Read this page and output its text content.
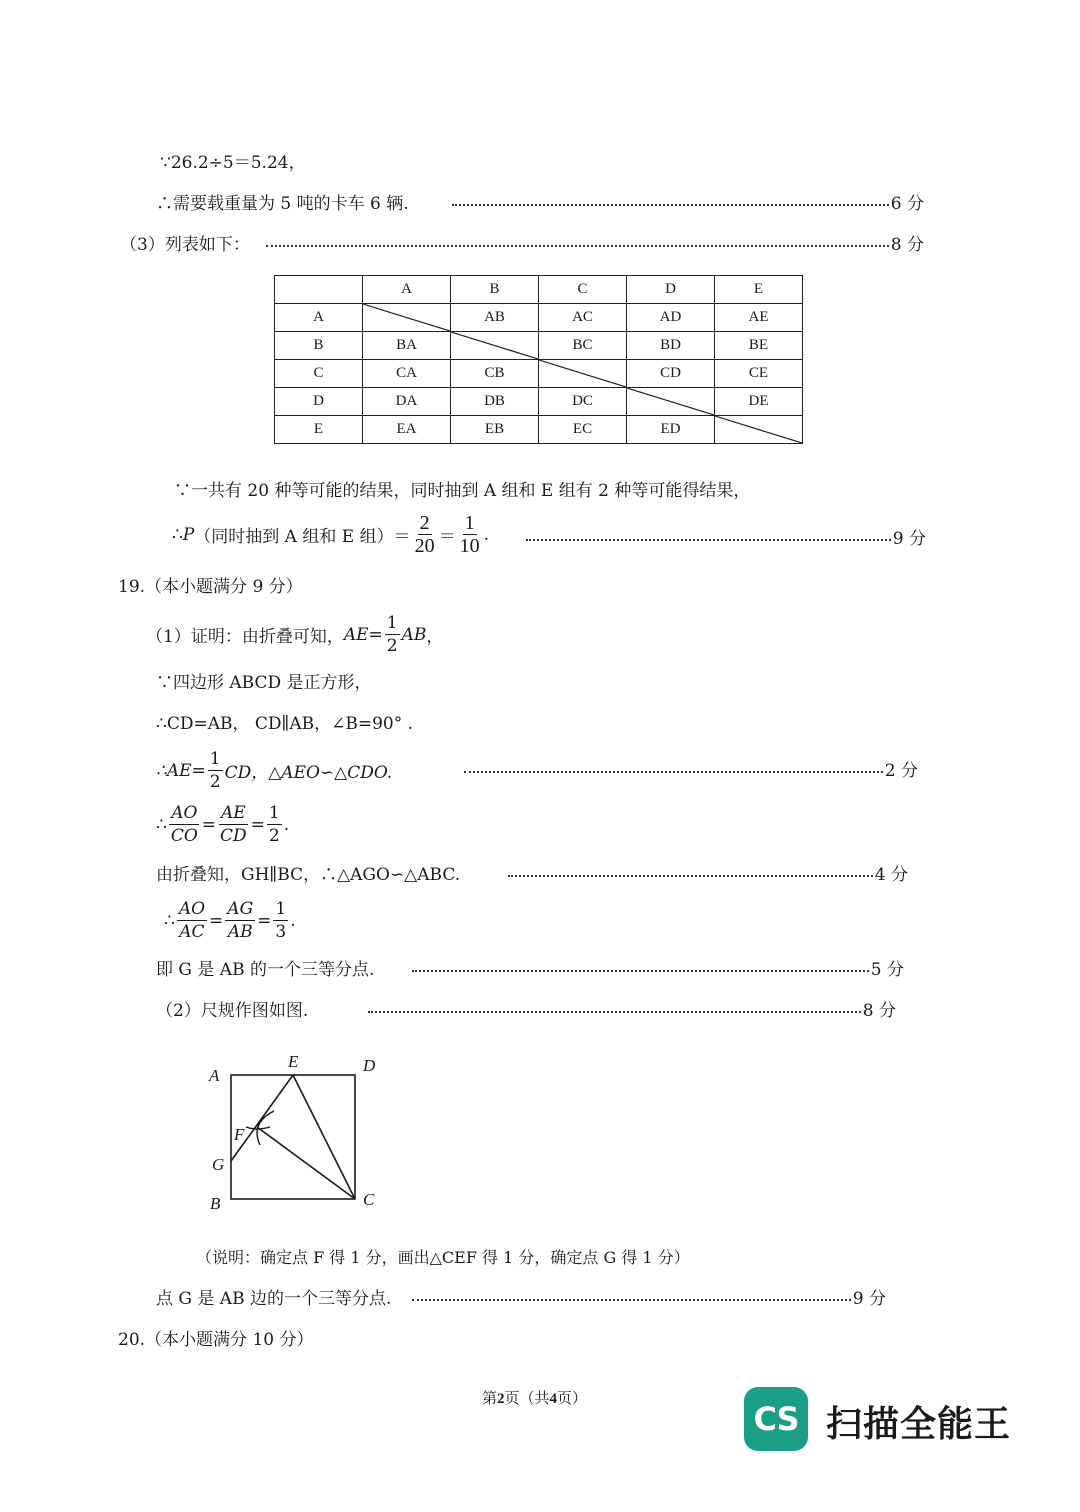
∵26.2÷5＝5.24，
∴需要载重量为 5 吨的卡车 6 辆.	6 分
（3）列表如下：	8 分
	A	B	C	D	E
A		AB	AC	AD	AE
B	BA		BC	BD	BE
C	CA	CB		CD	CE
D	DA	DB	DC		DE
E	EA	EB	EC	ED	
∵一共有 20 种等可能的结果，同时抽到 A 组和 E 组有 2 种等可能得结果，
∴ P （同时抽到 A 组和 E 组）＝ $\frac{2}{20} = \frac{1}{10}$ .	9 分
19.（本小题满分 9 分）
（1）证明：由折叠可知， $AE= \frac{1}{2}$ AB ，
∵四边形 ABCD 是正方形，
∴CD=AB， CD∥AB，∠B=90° .
∴AE= $\frac{1}{2}$ CD，△AEO∽△CDO.	2 分
∴ $\frac{AO}{CO} = \frac{AE}{CD} = \frac{1}{2}$ .
由折叠知，GH∥BC，∴△AGO∽△ABC.	4 分
∴ $\frac{AO}{AC} = \frac{AG}{AB} = \frac{1}{3}$ .
即 G 是 AB 的一个三等分点.	5 分
（2）尺规作图如图.	8 分
A
E	D
F
G
B	C
（说明：确定点 F 得 1 分，画出△CEF 得 1 分，确定点 G 得 1 分）
点 G 是 AB 边的一个三等分点.	9 分
20.（本小题满分 10 分）
第2页（共4页）
CS 扫描全能王
